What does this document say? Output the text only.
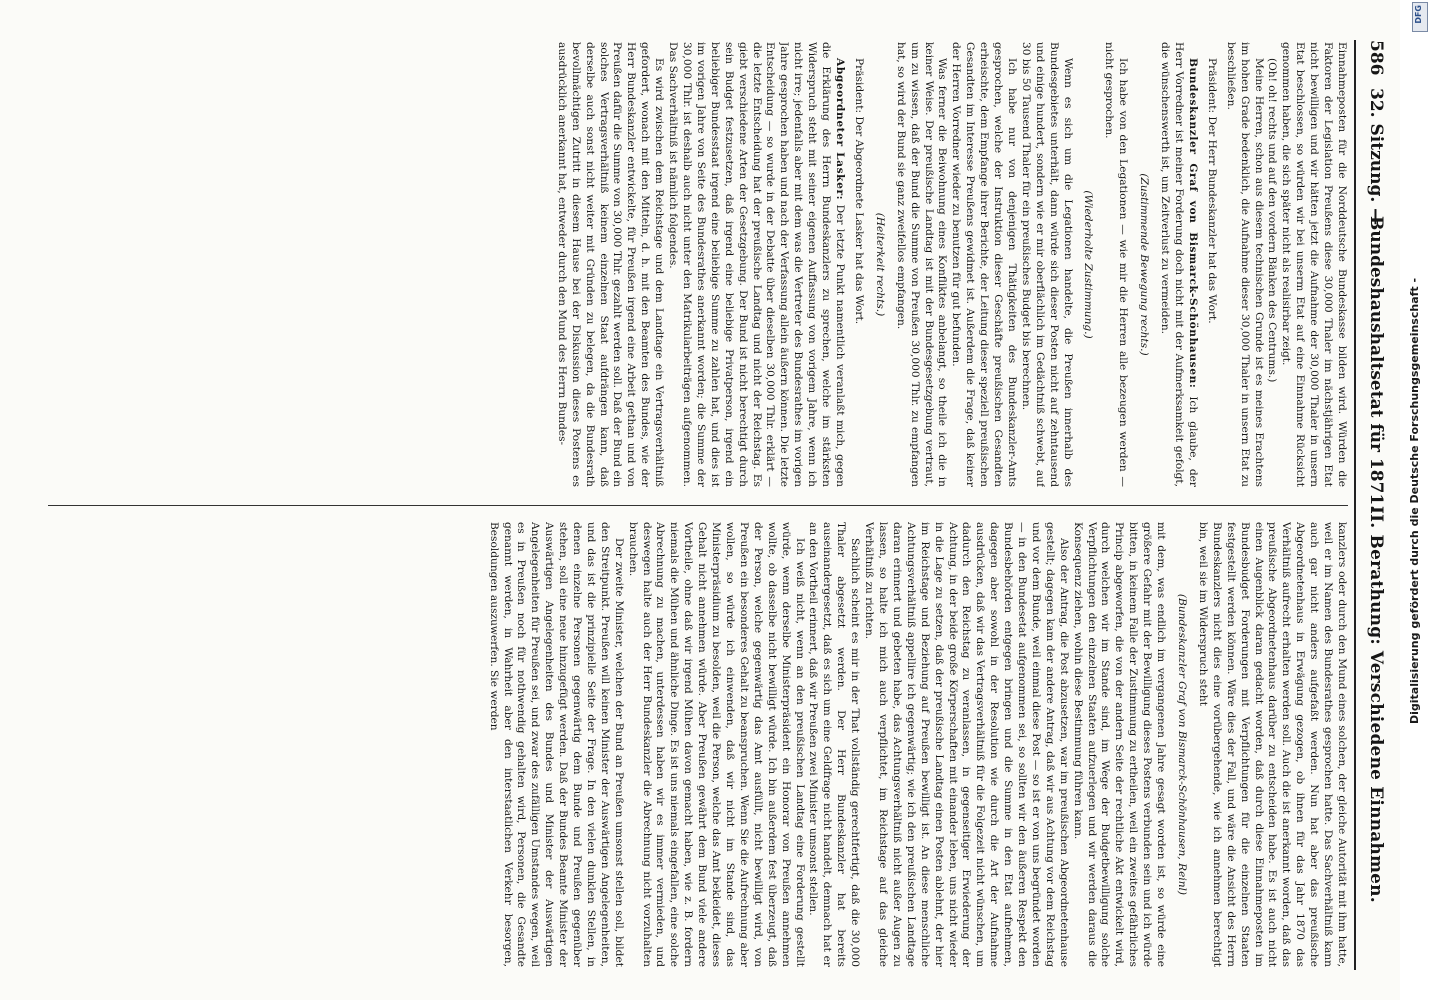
586
32. Sitzung. —
Bundeshaushaltsetat für 1871.
II. Berathung: Verschiedene Einnahmen.

Einnahmeposten für die Norddeutsche Bundeskasse bilden wird. Würden die Faktoren der Legislation Preußens diese 30,000 Thaler im nächstjährigen Etat nicht bewilligen und wir hätten jetzt die Aufnahme der 30,000 Thaler in unsern Etat beschlossen, so würden wir bei unserm Etat auf eine Einnahme Rücksicht genommen haben, die sich später nicht als realisirbar zeigt.

(Oh! oh! rechts und auf den vordern Bänken des Centrums.)

Meine Herren, schon aus diesem technischen Grunde ist es meines Erachtens im hohen Grade bedenklich, die Aufnahme dieser 30,000 Thaler in unsern Etat zu beschließen.

Präsident: Der Herr Bundeskanzler hat das Wort.

Bundeskanzler Graf von Bismarck-Schönhausen: Ich glaube, der Herr Vorredner ist meiner Forderung doch nicht mit der Aufmerksamkeit gefolgt, die wünschenswerth ist, um Zeitverlust zu vermeiden.

(Zustimmende Bewegung rechts.)

Ich habe von den Legationen — wie mir die Herren alle bezeugen werden — nicht gesprochen.

(Wiederholte Zustimmung.)

Wenn es sich um die Legationen handelte, die Preußen innerhalb des Bundesgebietes unterhält, dann würde sich dieser Posten nicht auf zehntausend und einige hundert, sondern wie er mir oberflächlich im Gedächtniß schwebt, auf 30 bis 50 Tausend Thaler für ein preußisches Budget bis berechnen.

Ich habe nur von denjenigen Thätigkeiten des Bundeskanzler-Amts gesprochen, welche der Instruktion dieser Geschäfte preußischen Gesandten erheischte, dem Empfange ihrer Berichte, der Leitung dieser speziell preußischen Gesandten im Interesse Preußens gewidmet ist. Außerdem die Frage, daß keiner der Herren Vorredner wieder zu benutzen für gut befunden.

Was ferner die Beiwohnung eines Konfliktes anbelangt, so theile ich die in keiner Weise. Der preußische Landtag ist mit der Bundesgesetzgebung vertraut, um zu wissen, daß der Bund die Summe von Preußen 30,000 Thlr. zu empfangen hat, so wird der Bund sie ganz zweifellos empfangen.

(Heiterkeit rechts.)

Präsident: Der Abgeordnete Lasker hat das Wort.

Abgeordneter Lasker: Der letzte Punkt namentlich veranlaßt mich, gegen die Erklärung des Herrn Bundeskanzlers zu sprechen, welche im stärksten Widerspruch steht mit seiner eigenen Auffassung von vorigem Jahre, wenn ich nicht irre; jedenfalls aber mit dem was die Vertreter des Bundesrathes im vorigen Jahre gesprochen haben und nach der Verfassung allein äußern können. Die letzte Entscheidung — so wurde in der Debatte über dieselben 30,000 Thlr. erklärt — die letzte Entscheidung hat der preußische Landtag und nicht der Reichstag. Es giebt verschiedene Arten der Gesetzgebung. Der Bund ist nicht berechtigt durch sein Budget festzusetzen, daß irgend eine beliebige Privatperson, irgend ein beliebiger Bundesstaat irgend eine beliebige Summe zu zahlen hat, und dies ist im vorigen Jahre von Seite des Bundesrathes anerkannt worden; die Summe der 30,000 Thlr. ist deshalb auch nicht unter den Matrikularbeiträgen aufgenommen. Das Sachverhältniß ist nämlich folgendes.

Es wird zwischen dem Reichstage und dem Landtage ein Vertragsverhältniß gefordert, wonach mit den Mitteln, d. h. mit den Beamten des Bundes, wie der Herr Bundeskanzler entwickelte, für Preußen irgend eine Arbeit gethan und von Preußen dafür die Summe von 30,000 Thlr. gezahlt werden soll. Daß der Bund ein solches Vertragsverhältniß keinem einzelnen Staat aufdrängen kann, daß derselbe auch sonst nicht weiter mit Gründen zu belegen, da die Bundesrath bevollmächtigen Zutritt in diesem Hause bei der Diskussion dieses Postens es ausdrücklich anerkannt hat, entweder durch den Mund des Herrn Bundes-

kanzlers oder durch den Mund eines solchen, der gleiche Autorität mit ihm hatte, weil er im Namen des Bundesrathes gesprochen hatte. Das Sachverhältniß kann auch gar nicht anders aufgefaßt werden. Nun hat aber das preußische Abgeordnetenhaus in Erwägung gezogen, ob ihnen für das Jahr 1870 das Verhältniß aufrecht erhalten werden soll. Auch die ist anerkannt worden, daß das preußische Abgeordnetenhaus darüber zu entscheiden habe. Es ist auch nicht einen Augenblick daran gedacht worden, daß durch diese Einnahmeposten im Bundesbudget Forderungen mit Verpflichtungen für die einzelnen Staaten festgestellt werden können. Wäre dies der Fall, und wäre die Ansicht des Herrn Bundeskanzlers nicht dies eine vorübergehende, wie ich annehmen berechtigt bin, weil sie im Widerspruch steht

(Bundeskanzler Graf von Bismarck-Schönhausen, Reinl)

mit dem, was endlich im vergangenen Jahre gesagt worden ist, so würde eine größere Gefahr mit der Bewilligung dieses Postens verbunden sein und ich würde bitten, in keinem Falle der Zustimmung zu ertheilen, weil ein zweites gefährliches Princip abgeworfen, die von der andern Seite der rechtliche Akt entwickelt wird, durch welchen wir im Stande sind, im Wege der Budgetbewilligung solche Verpflichtungen den einzelnen Staaten aufzuerlegen und wir werden daraus die Konsequenz ziehen, wohin diese Bestimmung führen kann.

Also der Antrag, die Post abzusetzen, war im preußischen Abgeordnetenhause gestellt; dagegen kam der andere Antrag, daß wir aus Achtung vor dem Reichstag und vor dem Bunde, weil einmal diese Post — so ist er von uns begründet worden — in den Bundesetat aufgenommen sei, so sollten wir den äußeren Respekt den Bundesbehörden entgegen bringen und die Summe in den Etat aufnehmen, dagegen aber sowohl in der Resolution wie durch die Art der Aufnahme ausdrücken, daß wir das Vertragsverhältniß für die Folgezeit nicht wünschen, um dadurch den Reichstag zu veranlassen, in gegenseitiger Erwiederung der Achtung, in der beide große Körperschaften mit einander leben, uns nicht wieder in die Lage zu setzen, daß der preußische Landtag einen Posten ablehnt, der hier im Reichstage und Beziehung auf Preußen bewilligt ist. An diese menschliche Achtungsverhältniß appellire ich gegenwärtig; wie ich den preußischen Landtage daran erinnert und gebeten habe, das Achtungsverhältniß nicht außer Augen zu lassen, so halte ich mich auch verpflichtet, im Reichstage auf das gleiche Verhältniß zu richten.

Sachlich scheint es mir in der That vollständig gerechtfertigt, daß die 30,000 Thaler abgesetzt werden. Der Herr Bundeskanzler hat bereits auseinandergesetzt, daß es sich um eine Geldfrage nicht handelt, demnach hat er an den Vortheil erinnert, daß wir Preußen zwei Minister umsonst stellen.

Ich weiß nicht, wenn an den preußischen Landtag eine Forderung gestellt würde, wenn derselbe Ministerpräsident ein Honorar von Preußen annehmen wollte, ob dasselbe nicht bewilligt würde. Ich bin außerdem fest überzeugt, daß der Person, welche gegenwärtig das Amt ausfüllt, nicht bewilligt wird, von Preußen ein besonderes Gehalt zu beanspruchen. Wenn Sie die Aufrechnung aber wollen, so würde ich einwenden, daß wir nicht im Stande sind, das Ministerpräsidium zu besolden, weil die Person, welche das Amt bekleidet, dieses Gehalt nicht annehmen würde. Aber Preußen gewährt dem Bund viele andere Vortheile, ohne daß wir irgend Mühen davon gemacht haben, wie z. B. fordern niemals die Mühen und ähnliche Dinge. Es ist uns niemals eingefallen, eine solche Abrechnung zu machen, unterdessen haben wir es immer vermieden, und deswegen halte auch der Herr Bundeskanzler die Abrechnung nicht vorzuhalten brauchen.

Der zweite Minister, welchen der Bund an Preußen umsonst stellen soll, bildet den Streitpunkt. Preußen will keinen Minister der Auswärtigen Angelegenheiten, und das ist die prinzipielle Seite der Frage. In den vielen dunklen Stellen, in denen einzelne Personen gegenwärtig dem Bunde und Preußen gegenüber stehen, soll eine neue hinzugefügt werden. Daß der Bundes Beamte Minister der Auswärtigen Angelegenheiten des Bundes und Minister der Auswärtigen Angelegenheiten für Preußen sei, und zwar des zufälligen Umstandes wegen, weil es in Preußen noch für nothwendig gehalten wird, Personen, die Gesandte genannt werden, in Wahrheit aber den interstaatlichen Verkehr besorgen, Besoldungen auszuwerfen. Sie werden

DFG
Digitalisierung gefördert durch die Deutsche Forschungsgemeinschaft -
